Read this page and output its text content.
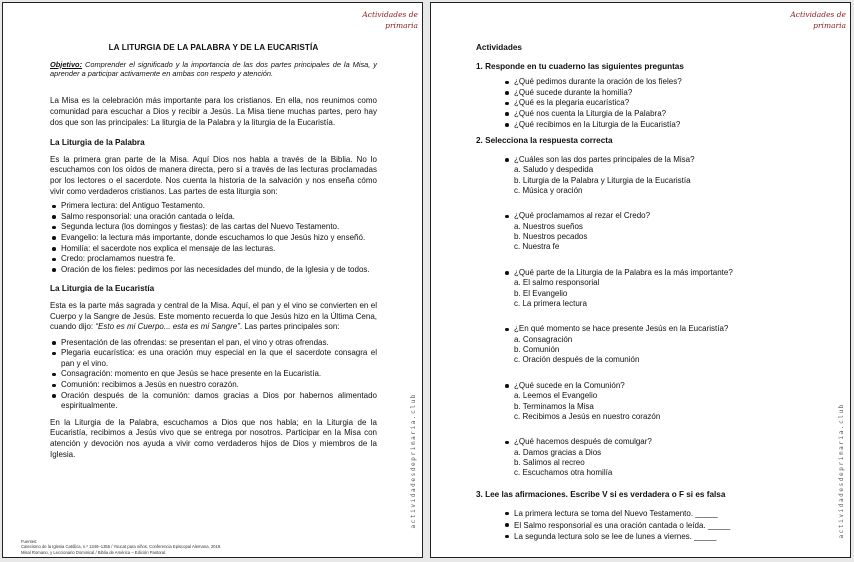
Actividades de
primaria
actividadesdeprimaria.club
LA LITURGIA DE LA PALABRA Y DE LA EUCARISTÍA

Objetivo: Comprender el significado y la importancia de las dos partes principales de la Misa, y aprender a participar activamente en ambas con respeto y atención.

La Misa es la celebración más importante para los cristianos. En ella, nos reunimos como comunidad para escuchar a Dios y recibir a Jesús. La Misa tiene muchas partes, pero hay dos que son las principales: La liturgia de la Palabra y la liturgia de la Eucaristía.

La Liturgia de la Palabra

Es la primera gran parte de la Misa. Aquí Dios nos habla a través de la Biblia. No lo escuchamos con los oídos de manera directa, pero sí a través de las lecturas proclamadas por los lectores o el sacerdote. Nos cuenta la historia de la salvación y nos enseña cómo vivir como verdaderos cristianos. Las partes de esta liturgia son:

Primera lectura: del Antiguo Testamento.
Salmo responsorial: una oración cantada o leída.
Segunda lectura (los domingos y fiestas): de las cartas del Nuevo Testamento.
Evangelio: la lectura más importante, donde escuchamos lo que Jesús hizo y enseñó.
Homilía: el sacerdote nos explica el mensaje de las lecturas.
Credo: proclamamos nuestra fe.
Oración de los fieles: pedimos por las necesidades del mundo, de la Iglesia y de todos.
La Liturgia de la Eucaristía

Esta es la parte más sagrada y central de la Misa. Aquí, el pan y el vino se convierten en el Cuerpo y la Sangre de Jesús. Este momento recuerda lo que Jesús hizo en la Última Cena, cuando dijo: “Esto es mi Cuerpo... esta es mi Sangre”. Las partes principales son:

Presentación de las ofrendas: se presentan el pan, el vino y otras ofrendas.
Plegaria eucarística: es una oración muy especial en la que el sacerdote consagra el pan y el vino.
Consagración: momento en que Jesús se hace presente en la Eucaristía.
Comunión: recibimos a Jesús en nuestro corazón.
Oración después de la comunión: damos gracias a Dios por habernos alimentado espiritualmente.

En la Liturgia de la Palabra, escuchamos a Dios que nos habla; en la Liturgia de la Eucaristía, recibimos a Jesús vivo que se entrega por nosotros. Participar en la Misa con atención y devoción nos ayuda a vivir como verdaderos hijos de Dios y miembros de la Iglesia.

Fuentes:
Catecismo de la Iglesia Católica, n.º 1346–1355 / Youcat para niños, Conferencia Episcopal Alemana, 2019.
Misal Romano, y Leccionario Dominical / Biblia de América – Edición Pastoral.
Actividades de
primaria
actividadesdeprimaria.club
Actividades
1. Responde en tu cuaderno las siguientes preguntas
¿Qué pedimos durante la oración de los fieles?
¿Qué sucede durante la homilía?
¿Qué es la plegaria eucarística?
¿Qué nos cuenta la Liturgia de la Palabra?
¿Qué recibimos en la Liturgia de la Eucaristía?
2. Selecciona la respuesta correcta
¿Cuáles son las dos partes principales de la Misa?
a. Saludo y despedida
b. Liturgia de la Palabra y Liturgia de la Eucaristía
c. Música y oración
¿Qué proclamamos al rezar el Credo?
a. Nuestros sueños
b. Nuestros pecados
c. Nuestra fe
¿Qué parte de la Liturgia de la Palabra es la más importante?
a. El salmo responsorial
b. El Evangelio
c. La primera lectura
¿En qué momento se hace presente Jesús en la Eucaristía?
a. Consagración
b. Comunión
c. Oración después de la comunión
¿Qué sucede en la Comunión?
a. Leemos el Evangelio
b. Terminamos la Misa
c. Recibimos a Jesús en nuestro corazón
¿Qué hacemos después de comulgar?
a. Damos gracias a Dios
b. Salimos al recreo
c. Escuchamos otra homilía
3. Lee las afirmaciones. Escribe V si es verdadera o F si es falsa
La primera lectura se toma del Nuevo Testamento. _____
El Salmo responsorial es una oración cantada o leída. _____
La segunda lectura solo se lee de lunes a viernes. _____
